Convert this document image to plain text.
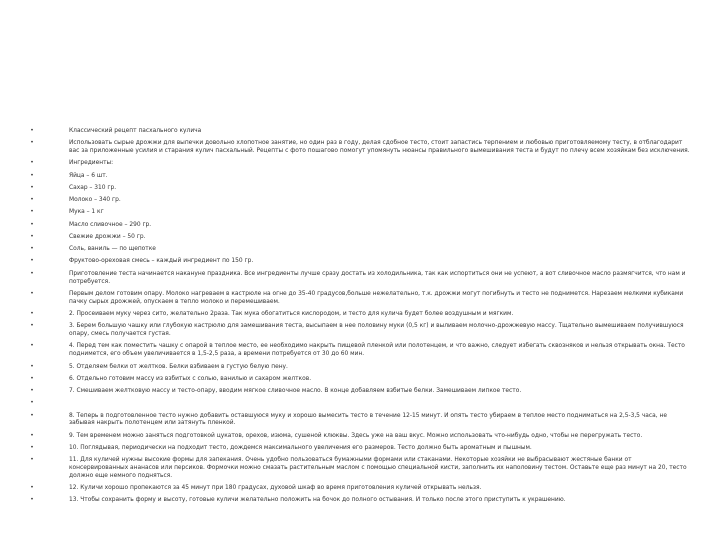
•	Классический рецепт пасхального кулича
•	Использовать сырые дрожжи для выпечки довольно хлопотное занятие, но один раз в году, делая сдобное тесто, стоит запастись терпением и любовью приготовляемому тесту, в отблагодарит вас за приложенные усилия и старания кулич пасхальный. Рецепты с фото пошагово помогут упомянуть нюансы правильного вымешивания теста и будут по плечу всем хозяйкам без исключения.
•	Ингредиенты:
•	Яйца – 6 шт.
•	Сахар – 310 гр.
•	Молоко – 340 гр.
•	Мука – 1 кг
•	Масло сливочное – 290 гр.
•	Свежие дрожжи – 50 гр.
•	Соль, ваниль — по щепотке
•	Фруктово-ореховая смесь – каждый ингредиент по 150 гр.
•	Приготовление теста начинается накануне праздника. Все ингредиенты лучше сразу достать из холодильника, так как испортиться они не успеют, а вот сливочное масло размягчится, что нам и потребуется.
•	Первым делом готовим опару. Молоко нагреваем в кастрюле на огне до 35-40 градусов,больше нежелательно, т.к. дрожжи могут погибнуть и тесто не поднимется. Нарезаем мелкими кубиками пачку сырых дрожжей, опускаем в тепло молоко и перемешиваем.
•	2. Просеиваем муку через сито, желательно 2раза. Так мука обогатиться кислородом, и тесто для кулича будет более воздушным и мягким.
•	3. Берем большую чашку или глубокую кастрюлю для замешивания теста, высыпаем в нее половину муки (0,5 кг) и выливаем молочно-дрожжевую массу. Тщательно вымешиваем получившуюся опару, смесь получается густая.
•	4. Перед тем как поместить чашку с опарой в теплое место, ее необходимо накрыть пищевой пленкой или полотенцем, и что важно, следует избегать сквозняков и нельзя открывать окна. Тесто поднимется, его объем увеличивается в 1,5-2,5 раза, а времени потребуется от 30 до 60 мин.
•	5. Отделяем белки от желтков. Белки взбиваем в густую белую пену.
•	6. Отдельно готовим массу из взбитых с солью, ванилью и сахаром желтков.
•	7. Смешиваем желтковую массу и тесто-опару, вводим мягкое сливочное масло. В конце добавляем взбитые белки. Замешиваем липкое тесто.
•
•	8. Теперь в подготовленное тесто нужно добавить оставшуюся муку и хорошо вымесить тесто в течение 12-15 минут. И опять тесто убираем в теплое место подниматься на 2,5-3,5 часа, не забывая накрыть полотенцем или затянуть пленкой.
•	9. Тем временем можно заняться подготовкой цукатов, орехов, изюма, сушеной клюквы. Здесь уже на ваш вкус. Можно использовать что-нибудь одно, чтобы не перегружать тесто.
•	10. Поглядывая, периодически на подходит тесто, дождемся максимального увеличения его размеров. Тесто должно быть ароматным и пышным.
•	11. Для куличей нужны высокие формы для запекания. Очень удобно пользоваться бумажными формами или стаканами. Некоторые хозяйки не выбрасывают жестяные банки от консервированных ананасов или персиков. Формочки можно смазать растительным маслом с помощью специальной кисти, заполнить их наполовину тестом. Оставьте еще раз минут на 20, тесто должно еще немного подняться.
•	12. Куличи хорошо пропекаются за 45 минут при 180 градусах, духовой шкаф во время приготовления куличей открывать нельзя.
•	13. Чтобы сохранить форму и высоту, готовые куличи желательно положить на бочок до полного остывания. И только после этого приступить к украшению.
